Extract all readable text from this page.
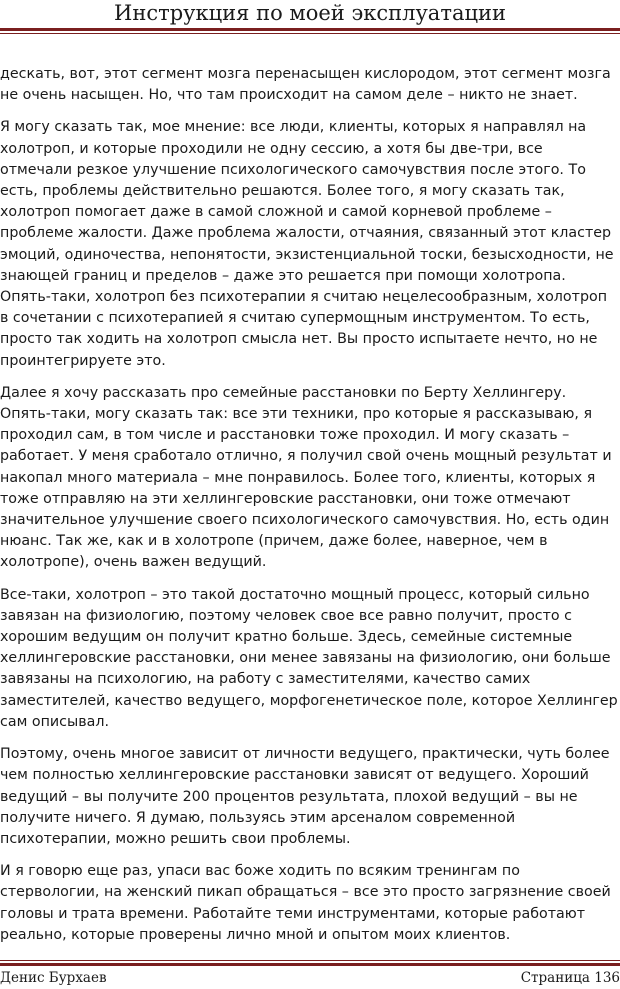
Инструкция по моей эксплуатации
дескать, вот, этот сегмент мозга перенасыщен кислородом, этот сегмент мозга
не очень насыщен. Но, что там происходит на самом деле – никто не знает.
Я могу сказать так, мое мнение: все люди, клиенты, которых я направлял на
холотроп, и которые проходили не одну сессию, а хотя бы две-три, все
отмечали резкое улучшение психологического самочувствия после этого. То
есть, проблемы действительно решаются. Более того, я могу сказать так,
холотроп помогает даже в самой сложной и самой корневой проблеме –
проблеме жалости. Даже проблема жалости, отчаяния, связанный этот кластер
эмоций, одиночества, непонятости, экзистенциальной тоски, безысходности, не
знающей границ и пределов – даже это решается при помощи холотропа.
Опять-таки, холотроп без психотерапии я считаю нецелесообразным, холотроп
в сочетании с психотерапией я считаю супермощным инструментом. То есть,
просто так ходить на холотроп смысла нет. Вы просто испытаете нечто, но не
проинтегрируете это.
Далее я хочу рассказать про семейные расстановки по Берту Хеллингеру.
Опять-таки, могу сказать так: все эти техники, про которые я рассказываю, я
проходил сам, в том числе и расстановки тоже проходил. И могу сказать –
работает. У меня сработало отлично, я получил свой очень мощный результат и
накопал много материала – мне понравилось. Более того, клиенты, которых я
тоже отправляю на эти хеллингеровские расстановки, они тоже отмечают
значительное улучшение своего психологического самочувствия. Но, есть один
нюанс. Так же, как и в холотропе (причем, даже более, наверное, чем в
холотропе), очень важен ведущий.
Все-таки, холотроп – это такой достаточно мощный процесс, который сильно
завязан на физиологию, поэтому человек свое все равно получит, просто с
хорошим ведущим он получит кратно больше. Здесь, семейные системные
хеллингеровские расстановки, они менее завязаны на физиологию, они больше
завязаны на психологию, на работу с заместителями, качество самих
заместителей, качество ведущего, морфогенетическое поле, которое Хеллингер
сам описывал.
Поэтому, очень многое зависит от личности ведущего, практически, чуть более
чем полностью хеллингеровские расстановки зависят от ведущего. Хороший
ведущий – вы получите 200 процентов результата, плохой ведущий – вы не
получите ничего. Я думаю, пользуясь этим арсеналом современной
психотерапии, можно решить свои проблемы.
И я говорю еще раз, упаси вас боже ходить по всяким тренингам по
стервологии, на женский пикап обращаться – все это просто загрязнение своей
головы и трата времени. Работайте теми инструментами, которые работают
реально, которые проверены лично мной и опытом моих клиентов.
Денис Бурхаев	Страница 136
